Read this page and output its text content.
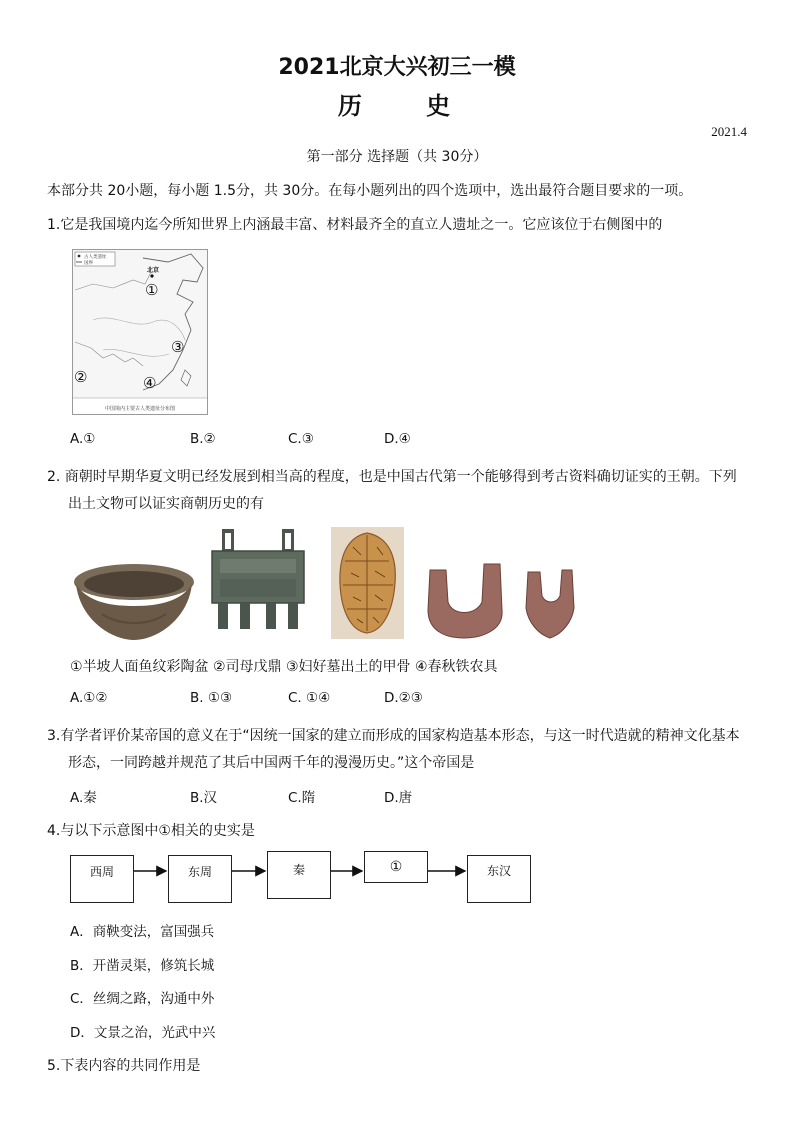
2021北京大兴初三一模
历 史
2021.4
第一部分 选择题（共 30分）
本部分共 20小题，每小题 1.5分，共 30分。在每小题列出的四个选项中，选出最符合题目要求的一项。
1.它是我国境内迄今所知世界上内涵最丰富、材料最齐全的直立人遗址之一。它应该位于右侧图中的
古人类遗址
国界
北京
①
②
③
④
中国境内主要古人类遗址分布图
A.①	B.②	C.③	D.④
2. 商朝时早期华夏文明已经发展到相当高的程度，也是中国古代第一个能够得到考古资料确切证实的王朝。下列
出土文物可以证实商朝历史的有
①半坡人面鱼纹彩陶盆 ②司母戊鼎 ③妇好墓出土的甲骨 ④春秋铁农具
A.①②	B. ①③	C. ①④	D.②③
3.有学者评价某帝国的意义在于“因统一国家的建立而形成的国家构造基本形态，与这一时代造就的精神文化基本
形态，一同跨越并规范了其后中国两千年的漫漫历史。”这个帝国是
A.秦	B.汉	C.隋	D.唐
4.与以下示意图中①相关的史实是
西周	东周	秦	①	东汉
A．商鞅变法，富国强兵
B．开凿灵渠，修筑长城
C．丝绸之路，沟通中外
D．文景之治，光武中兴
5.下表内容的共同作用是
